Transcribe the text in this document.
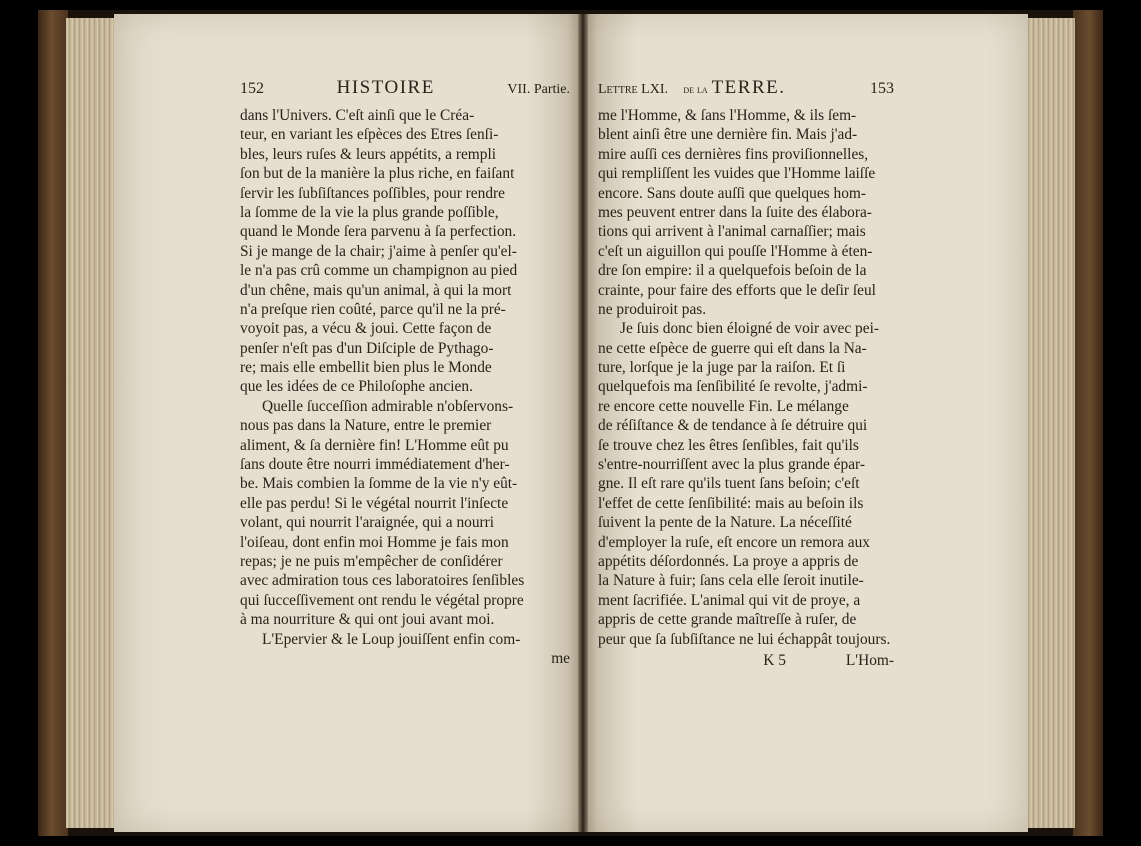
152	HISTOIRE	VII. Partie.
dans l'Univers. C'eſt ainſi que le Créa-
teur, en variant les eſpèces des Etres ſenſi-
bles, leurs ruſes & leurs appétits, a rempli
ſon but de la manière la plus riche, en faiſant
ſervir les ſubſiſtances poſſibles, pour rendre
la ſomme de la vie la plus grande poſſible,
quand le Monde ſera parvenu à ſa perfection.
Si je mange de la chair; j'aime à penſer qu'el-
le n'a pas crû comme un champignon au pied
d'un chêne, mais qu'un animal, à qui la mort
n'a preſque rien coûté, parce qu'il ne la pré-
voyoit pas, a vécu & joui. Cette façon de
penſer n'eſt pas d'un Diſciple de Pythago-
re; mais elle embellit bien plus le Monde
que les idées de ce Philoſophe ancien.
Quelle ſucceſſion admirable n'obſervons-
nous pas dans la Nature, entre le premier
aliment, & ſa dernière fin! L'Homme eût pu
ſans doute être nourri immédiatement d'her-
be. Mais combien la ſomme de la vie n'y eût-
elle pas perdu! Si le végétal nourrit l'inſecte
volant, qui nourrit l'araignée, qui a nourri
l'oiſeau, dont enfin moi Homme je fais mon
repas; je ne puis m'empêcher de conſidérer
avec admiration tous ces laboratoires ſenſibles
qui ſucceſſivement ont rendu le végétal propre
à ma nourriture & qui ont joui avant moi.
L'Epervier & le Loup jouiſſent enfin com-
me
Lettre LXI. de la TERRE.	153
me l'Homme, & ſans l'Homme, & ils ſem-
blent ainſi être une dernière fin. Mais j'ad-
mire auſſi ces dernières fins proviſionnelles,
qui rempliſſent les vuides que l'Homme laiſſe
encore. Sans doute auſſi que quelques hom-
mes peuvent entrer dans la ſuite des élabora-
tions qui arrivent à l'animal carnaſſier; mais
c'eſt un aiguillon qui pouſſe l'Homme à éten-
dre ſon empire: il a quelquefois beſoin de la
crainte, pour faire des efforts que le deſir ſeul
ne produiroit pas.
Je ſuis donc bien éloigné de voir avec pei-
ne cette eſpèce de guerre qui eſt dans la Na-
ture, lorſque je la juge par la raiſon. Et ſi
quelquefois ma ſenſibilité ſe revolte, j'admi-
re encore cette nouvelle Fin. Le mélange
de réſiſtance & de tendance à ſe détruire qui
ſe trouve chez les êtres ſenſibles, fait qu'ils
s'entre-nourriſſent avec la plus grande épar-
gne. Il eſt rare qu'ils tuent ſans beſoin; c'eſt
l'effet de cette ſenſibilité: mais au beſoin ils
ſuivent la pente de la Nature. La néceſſité
d'employer la ruſe, eſt encore un remora aux
appétits déſordonnés. La proye a appris de
la Nature à fuir; ſans cela elle ſeroit inutile-
ment ſacrifiée. L'animal qui vit de proye, a
appris de cette grande maîtreſſe à ruſer, de
peur que ſa ſubſiſtance ne lui échappât toujours.
K 5	L'Hom-
